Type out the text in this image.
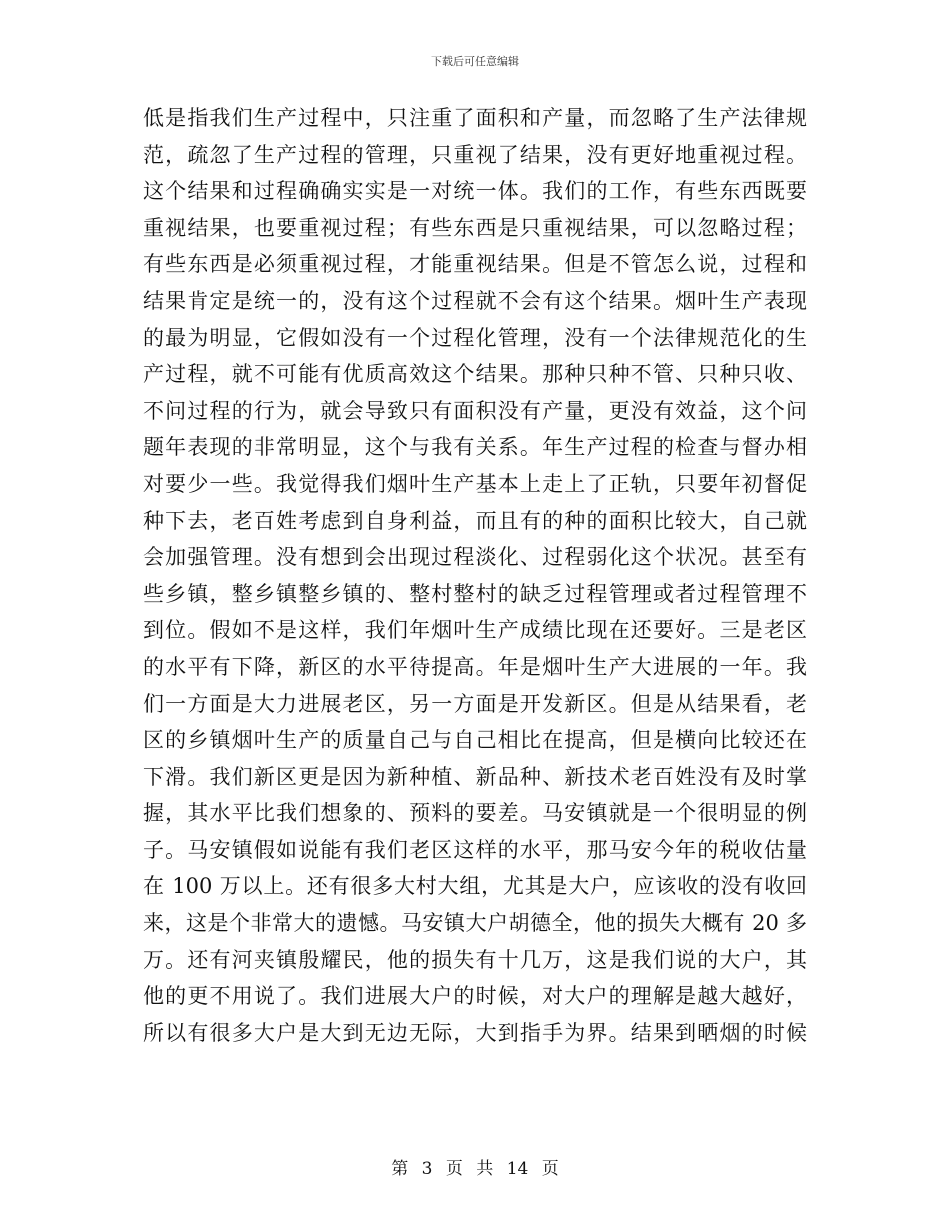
下载后可任意编辑
低是指我们生产过程中，只注重了面积和产量，而忽略了生产法律规
范，疏忽了生产过程的管理，只重视了结果，没有更好地重视过程。
这个结果和过程确确实实是一对统一体。我们的工作，有些东西既要
重视结果，也要重视过程；有些东西是只重视结果，可以忽略过程；
有些东西是必须重视过程，才能重视结果。但是不管怎么说，过程和
结果肯定是统一的，没有这个过程就不会有这个结果。烟叶生产表现
的最为明显，它假如没有一个过程化管理，没有一个法律规范化的生
产过程，就不可能有优质高效这个结果。那种只种不管、只种只收、
不问过程的行为，就会导致只有面积没有产量，更没有效益，这个问
题年表现的非常明显，这个与我有关系。年生产过程的检查与督办相
对要少一些。我觉得我们烟叶生产基本上走上了正轨，只要年初督促
种下去，老百姓考虑到自身利益，而且有的种的面积比较大，自己就
会加强管理。没有想到会出现过程淡化、过程弱化这个状况。甚至有
些乡镇，整乡镇整乡镇的、整村整村的缺乏过程管理或者过程管理不
到位。假如不是这样，我们年烟叶生产成绩比现在还要好。三是老区
的水平有下降，新区的水平待提高。年是烟叶生产大进展的一年。我
们一方面是大力进展老区，另一方面是开发新区。但是从结果看，老
区的乡镇烟叶生产的质量自己与自己相比在提高，但是横向比较还在
下滑。我们新区更是因为新种植、新品种、新技术老百姓没有及时掌
握，其水平比我们想象的、预料的要差。马安镇就是一个很明显的例
子。马安镇假如说能有我们老区这样的水平，那马安今年的税收估量
在 100 万以上。还有很多大村大组，尤其是大户，应该收的没有收回
来，这是个非常大的遗憾。马安镇大户胡德全，他的损失大概有 20 多
万。还有河夹镇殷耀民，他的损失有十几万，这是我们说的大户，其
他的更不用说了。我们进展大户的时候，对大户的理解是越大越好，
所以有很多大户是大到无边无际，大到指手为界。结果到晒烟的时候
第 3 页 共 14 页
